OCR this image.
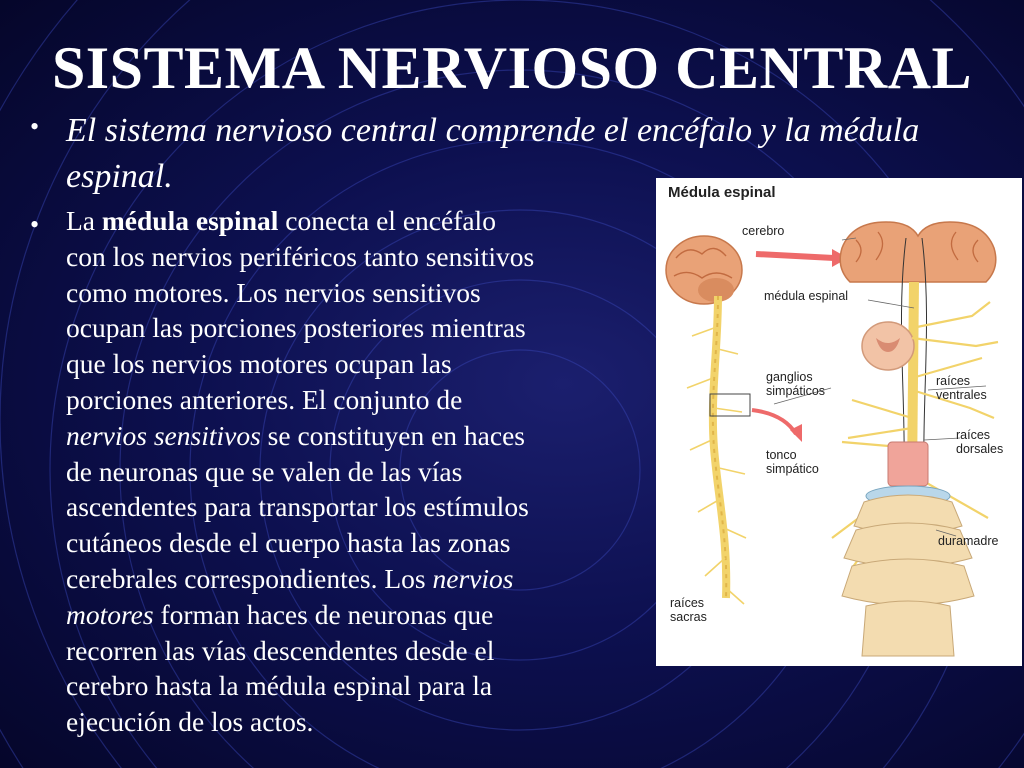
SISTEMA NERVIOSO CENTRAL
• El sistema nervioso central comprende el encéfalo y la médula espinal.

• La médula espinal conecta el encéfalo
con los nervios periféricos tanto sensitivos
como motores. Los nervios sensitivos
ocupan las porciones posteriores mientras
que los nervios motores ocupan las
porciones anteriores. El conjunto de
nervios sensitivos se constituyen en haces
de neuronas que se valen de las vías
ascendentes para transportar los estímulos
cutáneos desde el cuerpo hasta las zonas
cerebrales correspondientes. Los nervios
motores forman haces de neuronas que
recorren las vías descendentes desde el
cerebro hasta la médula espinal para la
ejecución de los actos.
Médula espinal
cerebro
médula espinal
ganglios
simpáticos
raíces
ventrales
raíces
dorsales
tonco
simpático
duramadre
raíces
sacras
